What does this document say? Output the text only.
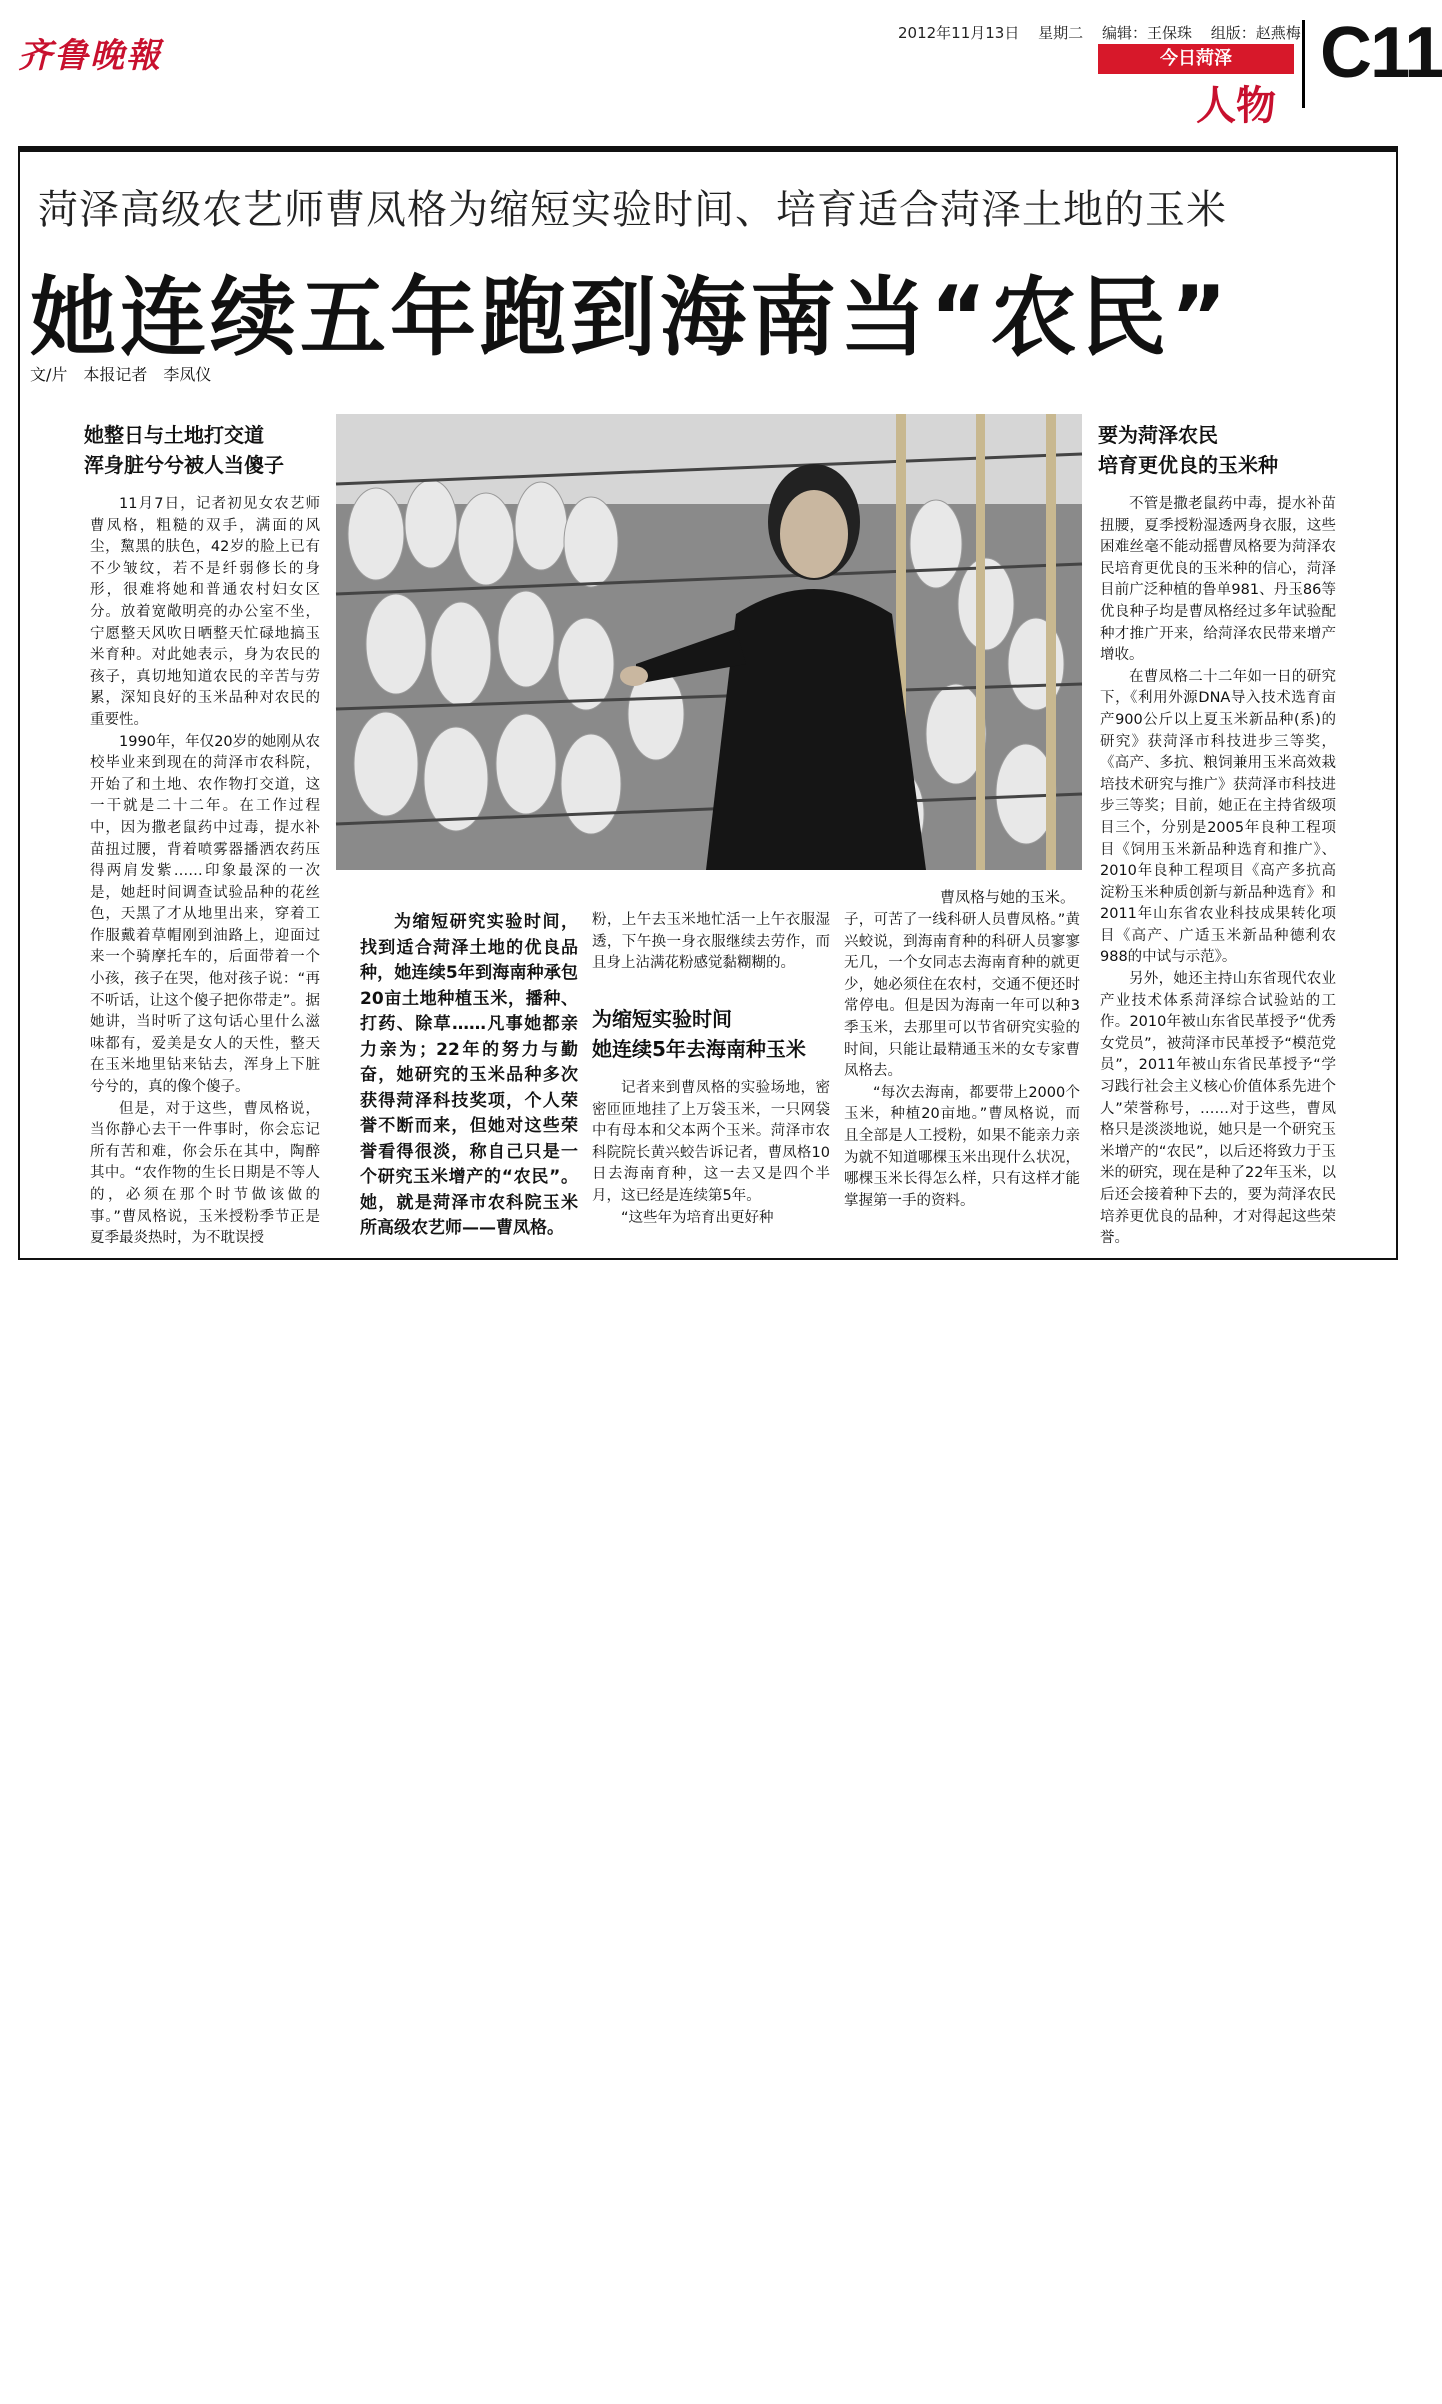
齐鲁晚報
2012年11月13日 星期二 编辑：王保珠 组版：赵燕梅
今日菏泽
人物
C11
菏泽高级农艺师曹凤格为缩短实验时间、培育适合菏泽土地的玉米
她连续五年跑到海南当“农民”
文/片　本报记者　李凤仪
她整日与土地打交道
浑身脏兮兮被人当傻子

11月7日，记者初见女农艺师曹凤格，粗糙的双手，满面的风尘，黧黑的肤色，42岁的脸上已有不少皱纹，若不是纤弱修长的身形，很难将她和普通农村妇女区分。放着宽敞明亮的办公室不坐，宁愿整天风吹日晒整天忙碌地搞玉米育种。对此她表示，身为农民的孩子，真切地知道农民的辛苦与劳累，深知良好的玉米品种对农民的重要性。

1990年，年仅20岁的她刚从农校毕业来到现在的菏泽市农科院，开始了和土地、农作物打交道，这一干就是二十二年。在工作过程中，因为撒老鼠药中过毒，提水补苗扭过腰，背着喷雾器播洒农药压得两肩发紫……印象最深的一次是，她赶时间调查试验品种的花丝色，天黑了才从地里出来，穿着工作服戴着草帽刚到油路上，迎面过来一个骑摩托车的，后面带着一个小孩，孩子在哭，他对孩子说：“再不听话，让这个傻子把你带走”。据她讲，当时听了这句话心里什么滋味都有，爱美是女人的天性，整天在玉米地里钻来钻去，浑身上下脏兮兮的，真的像个傻子。

但是，对于这些，曹凤格说，当你静心去干一件事时，你会忘记所有苦和难，你会乐在其中，陶醉其中。“农作物的生长日期是不等人的，必须在那个时节做该做的事。”曹凤格说，玉米授粉季节正是夏季最炎热时，为不耽误授

曹凤格与她的玉米。

为缩短研究实验时间，找到适合菏泽土地的优良品种，她连续5年到海南种承包20亩土地种植玉米，播种、打药、除草……凡事她都亲力亲为；22年的努力与勤奋，她研究的玉米品种多次获得菏泽科技奖项，个人荣誉不断而来，但她对这些荣誉看得很淡，称自己只是一个研究玉米增产的“农民”。她，就是菏泽市农科院玉米所高级农艺师——曹凤格。

粉，上午去玉米地忙活一上午衣服湿透，下午换一身衣服继续去劳作，而且身上沾满花粉感觉黏糊糊的。

为缩短实验时间
她连续5年去海南种玉米

记者来到曹凤格的实验场地，密密匝匝地挂了上万袋玉米，一只网袋中有母本和父本两个玉米。菏泽市农科院院长黄兴蛟告诉记者，曹凤格10日去海南育种，这一去又是四个半月，这已经是连续第5年。

“这些年为培育出更好种

子，可苦了一线科研人员曹凤格。”黄兴蛟说，到海南育种的科研人员寥寥无几，一个女同志去海南育种的就更少，她必须住在农村，交通不便还时常停电。但是因为海南一年可以种3季玉米，去那里可以节省研究实验的时间，只能让最精通玉米的女专家曹凤格去。

“每次去海南，都要带上2000个玉米，种植20亩地。”曹凤格说，而且全部是人工授粉，如果不能亲力亲为就不知道哪棵玉米出现什么状况，哪棵玉米长得怎么样，只有这样才能掌握第一手的资料。

要为菏泽农民
培育更优良的玉米种

不管是撒老鼠药中毒，提水补苗扭腰，夏季授粉湿透两身衣服，这些困难丝毫不能动摇曹凤格要为菏泽农民培育更优良的玉米种的信心，菏泽目前广泛种植的鲁单981、丹玉86等优良种子均是曹凤格经过多年试验配种才推广开来，给菏泽农民带来增产增收。

在曹凤格二十二年如一日的研究下，《利用外源DNA导入技术选育亩产900公斤以上夏玉米新品种(系)的研究》获菏泽市科技进步三等奖，《高产、多抗、粮饲兼用玉米高效栽培技术研究与推广》获菏泽市科技进步三等奖；目前，她正在主持省级项目三个，分别是2005年良种工程项目《饲用玉米新品种选育和推广》、2010年良种工程项目《高产多抗高淀粉玉米种质创新与新品种选育》和2011年山东省农业科技成果转化项目《高产、广适玉米新品种德利农988的中试与示范》。

另外，她还主持山东省现代农业产业技术体系菏泽综合试验站的工作。2010年被山东省民革授予“优秀女党员”，被菏泽市民革授予“模范党员”，2011年被山东省民革授予“学习践行社会主义核心价值体系先进个人”荣誉称号，……对于这些，曹凤格只是淡淡地说，她只是一个研究玉米增产的“农民”，以后还将致力于玉米的研究，现在是种了22年玉米，以后还会接着种下去的，要为菏泽农民培养更优良的品种，才对得起这些荣誉。
